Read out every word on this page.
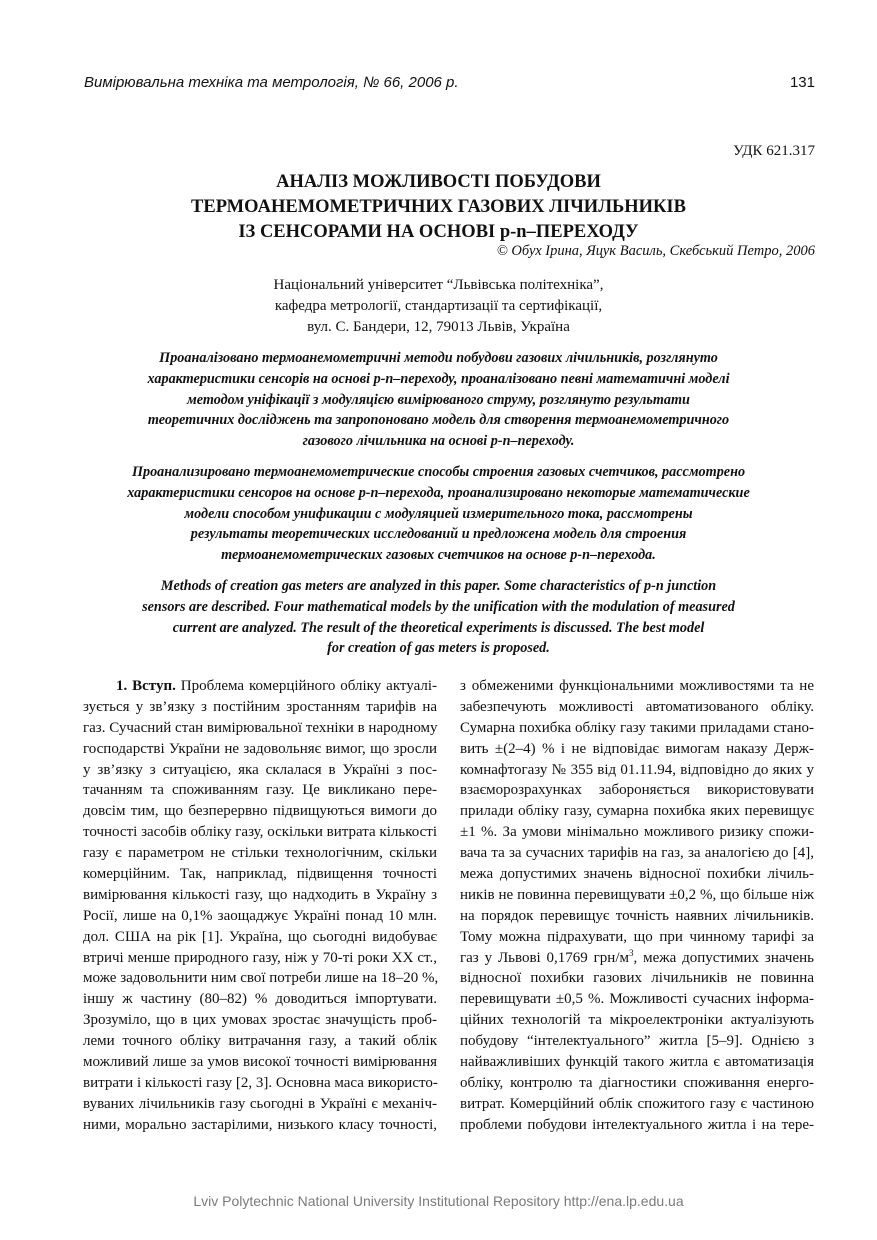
Вимірювальна техніка та метрологія, № 66, 2006 р.	131
УДК 621.317
АНАЛІЗ МОЖЛИВОСТІ ПОБУДОВИ
ТЕРМОАНЕМОМЕТРИЧНИХ ГАЗОВИХ ЛІЧИЛЬНИКІВ
ІЗ СЕНСОРАМИ НА ОСНОВІ p-n–ПЕРЕХОДУ
© Обух Ірина, Яцук Василь, Скебський Петро, 2006
Національний університет “Львівська політехніка”,
кафедра метрології, стандартизації та сертифікації,
вул. С. Бандери, 12, 79013 Львів, Україна
Проаналізовано термоанемометричні методи побудови газових лічильників, розглянуто
характеристики сенсорів на основі p-n–переходу, проаналізовано певні математичні моделі
методом уніфікації з модуляцією вимірюваного струму, розглянуто результати
теоретичних досліджень та запропоновано модель для створення термоанемометричного
газового лічильника на основі p-n–переходу.
Проанализировано термоанемометрические способы строения газовых счетчиков, рассмотрено
характеристики сенсоров на основе p-n–перехода, проанализировано некоторые математические
модели способом унификации с модуляцией измерительного тока, рассмотрены
результаты теоретических исследований и предложена модель для строения
термоанемометрических газовых счетчиков на основе p-n–перехода.
Methods of creation gas meters are analyzed in this paper. Some characteristics of p-n junction
sensors are described. Four mathematical models by the unification with the modulation of measured
current are analyzed. The result of the theoretical experiments is discussed. The best model
for creation of gas meters is proposed.
1. Вступ. Проблема комерційного обліку актуалі-
зується у зв’язку з постійним зростанням тарифів на
газ. Сучасний стан вимірювальної техніки в народному
господарстві України не задовольняє вимог, що зросли
у зв’язку з ситуацією, яка склалася в Україні з пос-
тачанням та споживанням газу. Це викликано пере-
довсім тим, що безперервно підвищуються вимоги до
точності засобів обліку газу, оскільки витрата кількості
газу є параметром не стільки технологічним, скільки
комерційним. Так, наприклад, підвищення точності
вимірювання кількості газу, що надходить в Україну з
Росії, лише на 0,1% заощаджує Україні понад 10 млн.
дол. США на рік [1]. Україна, що сьогодні видобуває
втричі менше природного газу, ніж у 70-ті роки XX ст.,
може задовольнити ним свої потреби лише на 18–20 %,
іншу ж частину (80–82) % доводиться імпортувати.
Зрозуміло, що в цих умовах зростає значущість проб-
леми точного обліку витрачання газу, а такий облік
можливий лише за умов високої точності вимірювання
витрати і кількості газу [2, 3]. Основна маса використо-
вуваних лічильників газу сьогодні в Україні є механіч-
ними, морально застарілими, низького класу точності,
з обмеженими функціональними можливостями та не
забезпечують можливості автоматизованого обліку.
Сумарна похибка обліку газу такими приладами стано-
вить ±(2–4) % і не відповідає вимогам наказу Держ-
комнафтогазу № 355 від 01.11.94, відповідно до яких у
взаєморозрахунках забороняється використовувати
прилади обліку газу, сумарна похибка яких перевищує
±1 %. За умови мінімально можливого ризику спожи-
вача та за сучасних тарифів на газ, за аналогією до [4],
межа допустимих значень відносної похибки лічиль-
ників не повинна перевищувати ±0,2 %, що більше ніж
на порядок перевищує точність наявних лічильників.
Тому можна підрахувати, що при чинному тарифі за
газ у Львові 0,1769 грн/$м^3$, межа допустимих значень
відносної похибки газових лічильників не повинна
перевищувати ±0,5 %. Можливості сучасних інформа-
ційних технологій та мікроелектроніки актуалізують
побудову “інтелектуального” житла [5–9]. Однією з
найважливіших функцій такого житла є автоматизація
обліку, контролю та діагностики споживання енерго-
витрат. Комерційний облік спожитого газу є частиною
проблеми побудови інтелектуального житла і на тере-
Lviv Polytechnic National University Institutional Repository http://ena.lp.edu.ua
